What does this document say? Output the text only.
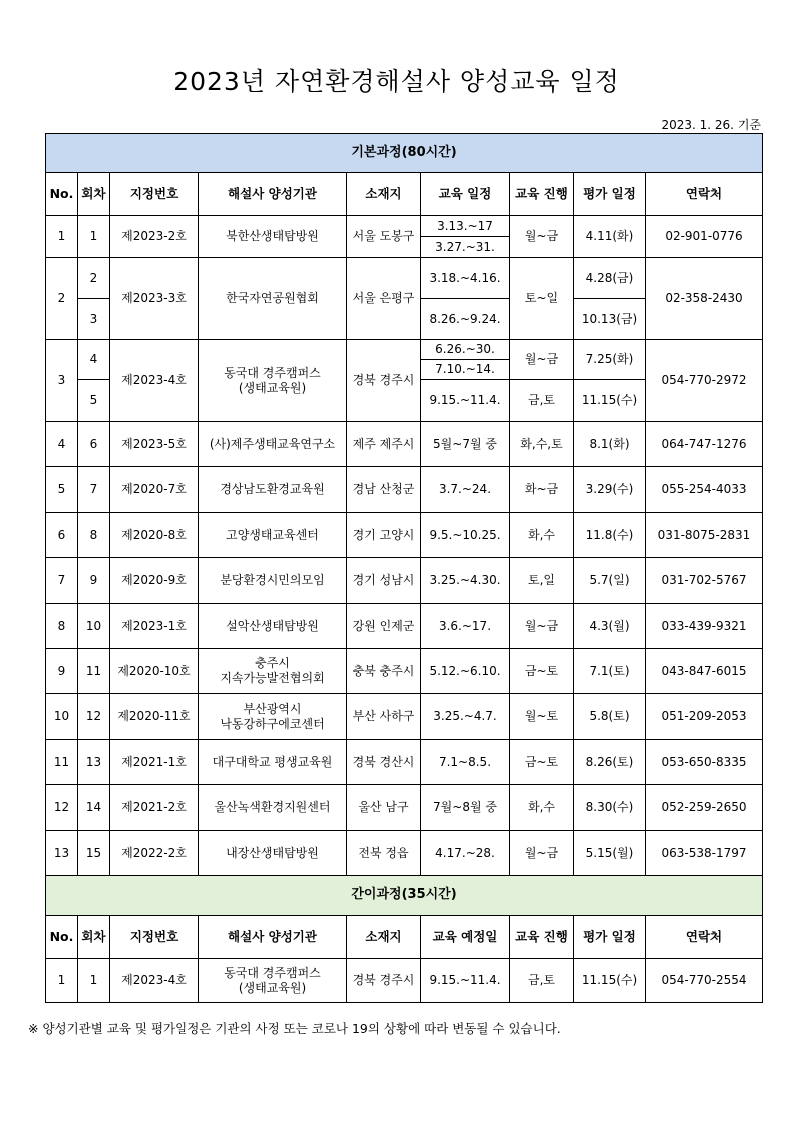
2023년 자연환경해설사 양성교육 일정
2023. 1. 26. 기준
기본과정(80시간)								
No.	회차	지정번호	해설사 양성기관	소재지	교육 일정	교육 진행	평가 일정	연락처
1	1	제2023-2호	북한산생태탐방원	서울 도봉구	3.13.~17	월~금	4.11(화)	02-901-0776
					3.27.~31.			
2	2	제2023-3호	한국자연공원협회	서울 은평구	3.18.~4.16.	토~일	4.28(금)	02-358-2430
	3				8.26.~9.24.		10.13(금)	
3	4	제2023-4호	동국대 경주캠퍼스
(생태교육원)	경북 경주시	6.26.~30.	월~금	7.25(화)	054-770-2972
					7.10.~14.			
	5				9.15.~11.4.	금,토	11.15(수)	
4	6	제2023-5호	(사)제주생태교육연구소	제주 제주시	5월~7월 중	화,수,토	8.1(화)	064-747-1276
5	7	제2020-7호	경상남도환경교육원	경남 산청군	3.7.~24.	화~금	3.29(수)	055-254-4033
6	8	제2020-8호	고양생태교육센터	경기 고양시	9.5.~10.25.	화,수	11.8(수)	031-8075-2831
7	9	제2020-9호	분당환경시민의모임	경기 성남시	3.25.~4.30.	토,일	5.7(일)	031-702-5767
8	10	제2023-1호	설악산생태탐방원	강원 인제군	3.6.~17.	월~금	4.3(월)	033-439-9321
9	11	제2020-10호	충주시
지속가능발전협의회	충북 충주시	5.12.~6.10.	금~토	7.1(토)	043-847-6015
10	12	제2020-11호	부산광역시
낙동강하구에코센터	부산 사하구	3.25.~4.7.	월~토	5.8(토)	051-209-2053
11	13	제2021-1호	대구대학교 평생교육원	경북 경산시	7.1~8.5.	금~토	8.26(토)	053-650-8335
12	14	제2021-2호	울산녹색환경지원센터	울산 남구	7월~8월 중	화,수	8.30(수)	052-259-2650
13	15	제2022-2호	내장산생태탐방원	전북 정읍	4.17.~28.	월~금	5.15(월)	063-538-1797
간이과정(35시간)								
No.	회차	지정번호	해설사 양성기관	소재지	교육 예정일	교육 진행	평가 일정	연락처
1	1	제2023-4호	동국대 경주캠퍼스
(생태교육원)	경북 경주시	9.15.~11.4.	금,토	11.15(수)	054-770-2554
※ 양성기관별 교육 및 평가일정은 기관의 사정 또는 코로나 19의 상황에 따라 변동될 수 있습니다.
